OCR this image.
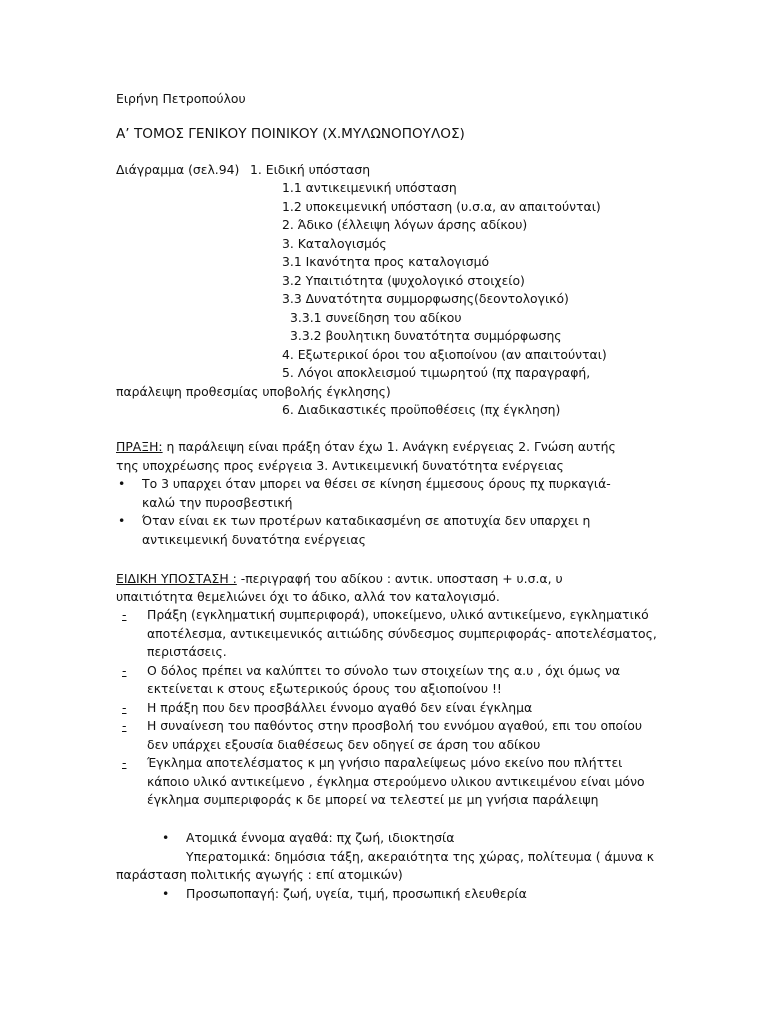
Ειρήνη Πετροπούλου
Α’ ΤΟΜΟΣ ΓΕΝΙΚΟΥ ΠΟΙΝΙΚΟΥ (Χ.ΜΥΛΩΝΟΠΟΥΛΟΣ)
Διάγραμμα (σελ.94) 1. Ειδική υπόσταση
1.1 αντικειμενική υπόσταση
1.2 υποκειμενική υπόσταση (υ.σ.α, αν απαιτούνται)
2. Άδικο (έλλειψη λόγων άρσης αδίκου)
3. Καταλογισμός
3.1 Ικανότητα προς καταλογισμό
3.2 Υπαιτιότητα (ψυχολογικό στοιχείο)
3.3 Δυνατότητα συμμορφωσης(δεοντολογικό)
3.3.1 συνείδηση του αδίκου
3.3.2 βουλητικη δυνατότητα συμμόρφωσης
4. Εξωτερικοί όροι του αξιοποίνου (αν απαιτούνται)
5. Λόγοι αποκλεισμού τιμωρητού (πχ παραγραφή,
παράλειψη προθεσμίας υποβολής έγκλησης)
6. Διαδικαστικές προϋποθέσεις (πχ έγκληση)
ΠΡΑΞΗ: η παράλειψη είναι πράξη όταν έχω 1. Ανάγκη ενέργειας 2. Γνώση αυτής
της υποχρέωσης προς ενέργεια 3. Αντικειμενική δυνατότητα ενέργειας
• Το 3 υπαρχει όταν μπορει να θέσει σε κίνηση έμμεσους όρους πχ πυρκαγιά-
καλώ την πυροσβεστική
• Όταν είναι εκ των προτέρων καταδικασμένη σε αποτυχία δεν υπαρχει η
αντικειμενική δυνατότηα ενέργειας
ΕΙΔΙΚΗ ΥΠΟΣΤΑΣΗ : -περιγραφή του αδίκου : αντικ. υποσταση + υ.σ.α, υ
υπαιτιότητα θεμελιώνει όχι το άδικο, αλλά τον καταλογισμό.
- Πράξη (εγκληματική συμπεριφορά), υποκείμενο, υλικό αντικείμενο, εγκληματικό
αποτέλεσμα, αντικειμενικός αιτιώδης σύνδεσμος συμπεριφοράς- αποτελέσματος,
περιστάσεις.
- Ο δόλος πρέπει να καλύπτει το σύνολο των στοιχείων της α.υ , όχι όμως να
εκτείνεται κ στους εξωτερικούς όρους του αξιοποίνου !!
- Η πράξη που δεν προσβάλλει έννομο αγαθό δεν είναι έγκλημα
- Η συναίνεση του παθόντος στην προσβολή του εννόμου αγαθού, επι του οποίου
δεν υπάρχει εξουσία διαθέσεως δεν οδηγεί σε άρση του αδίκου
- Έγκλημα αποτελέσματος κ μη γνήσιο παραλείψεως μόνο εκείνο που πλήττει
κάποιο υλικό αντικείμενο , έγκλημα στερούμενο υλικου αντικειμένου είναι μόνο
έγκλημα συμπεριφοράς κ δε μπορεί να τελεστεί με μη γνήσια παράλειψη
• Ατομικά έννομα αγαθά: πχ ζωή, ιδιοκτησία
Υπερατομικά: δημόσια τάξη, ακεραιότητα της χώρας, πολίτευμα ( άμυνα κ
παράσταση πολιτικής αγωγής : επί ατομικών)
• Προσωποπαγή: ζωή, υγεία, τιμή, προσωπική ελευθερία
